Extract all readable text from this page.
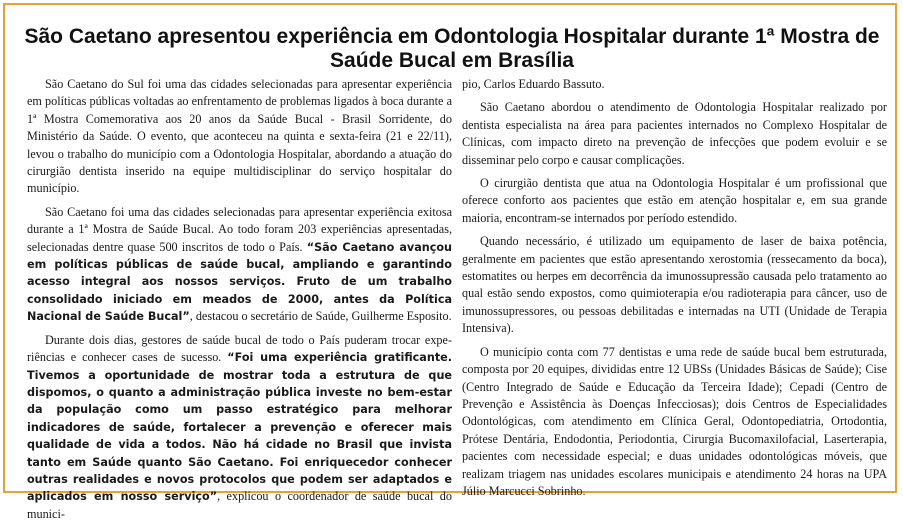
São Caetano apresentou experiência em Odontologia Hospitalar durante 1ª Mostra de Saúde Bucal em Brasília

São Caetano do Sul foi uma das cidades selecionadas para apresentar experiência em políticas públicas voltadas ao enfrentamento de problemas ligados à boca durante a 1ª Mostra Comemorativa aos 20 anos da Saúde Bucal - Brasil Sorridente, do Ministério da Saúde. O evento, que aconteceu na quinta e sexta-feira (21 e 22/11), levou o trabalho do município com a Odontologia Hospitalar, abordando a atuação do cirurgião dentista inserido na equipe multidisciplinar do serviço hospitalar do município.

São Caetano foi uma das cidades selecionadas para apresentar experiência exitosa durante a 1ª Mostra de Saúde Bucal. Ao todo foram 203 experiências apresentadas, selecionadas dentre quase 500 inscritos de todo o País. “São Caetano avançou em políticas públicas de saúde bucal, ampliando e garantindo acesso integral aos nossos serviços. Fruto de um trabalho consolidado iniciado em meados de 2000, antes da Política Nacional de Saúde Bucal”, destacou o secretário de Saúde, Guilherme Esposito.

Durante dois dias, gestores de saúde bucal de todo o País puderam trocar experiências e conhecer cases de sucesso. “Foi uma experiência gratificante. Tivemos a oportunidade de mostrar toda a estrutura de que dispomos, o quanto a administração pública investe no bem-estar da população como um passo estratégico para melhorar indicadores de saúde, fortalecer a prevenção e oferecer mais qualidade de vida a todos. Não há cidade no Brasil que invista tanto em Saúde quanto São Caetano. Foi enriquecedor conhecer outras realidades e novos protocolos que podem ser adaptados e aplicados em nosso serviço”, explicou o coordenador de saúde bucal do munici-

pio, Carlos Eduardo Bassuto.

São Caetano abordou o atendimento de Odontologia Hospitalar realizado por dentista especialista na área para pacientes internados no Complexo Hospitalar de Clínicas, com impacto direto na prevenção de infecções que podem evoluir e se disseminar pelo corpo e causar complicações.

O cirurgião dentista que atua na Odontologia Hospitalar é um profissional que oferece conforto aos pacientes que estão em atenção hospitalar e, em sua grande maioria, encontram-se internados por período estendido.

Quando necessário, é utilizado um equipamento de laser de baixa potência, geralmente em pacientes que estão apresentando xerostomia (ressecamento da boca), estomatites ou herpes em decorrência da imunossupressão causada pelo tratamento ao qual estão sendo expostos, como quimioterapia e/ou radioterapia para câncer, uso de imunossupressores, ou pessoas debilitadas e internadas na UTI (Unidade de Terapia Intensiva).

O município conta com 77 dentistas e uma rede de saúde bucal bem estruturada, composta por 20 equipes, divididas entre 12 UBSs (Unidades Básicas de Saúde); Cise (Centro Integrado de Saúde e Educação da Terceira Idade); Cepadi (Centro de Prevenção e Assistência às Doenças Infecciosas); dois Centros de Especialidades Odontológicas, com atendimento em Clínica Geral, Odontopediatria, Ortodontia, Prótese Dentária, Endodontia, Periodontia, Cirurgia Bucomaxilofacial, Laserterapia, pacientes com necessidade especial; e duas unidades odontológicas móveis, que realizam triagem nas unidades escolares municipais e atendimento 24 horas na UPA Júlio Marcucci Sobrinho.
